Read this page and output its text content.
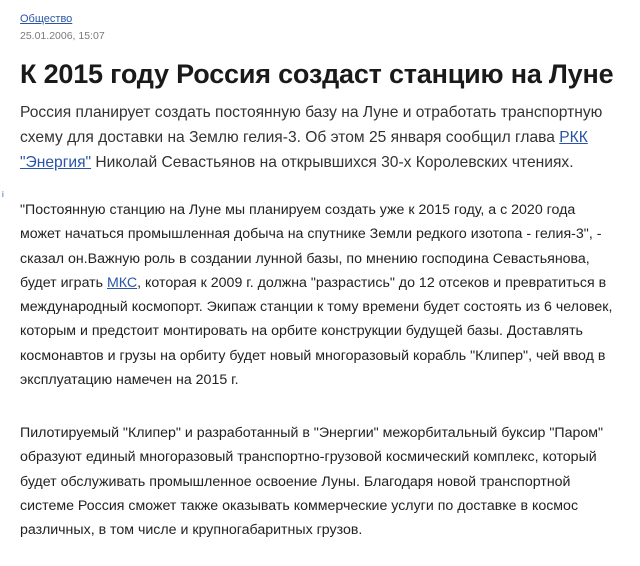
i
Общество
25.01.2006, 15:07
К 2015 году Россия создаст станцию на Луне

Россия планирует создать постоянную базу на Луне и отработать транспортную схему для доставки на Землю гелия-3. Об этом 25 января сообщил глава РКК "Энергия" Николай Севастьянов на открывшихся 30-х Королевских чтениях.

"Постоянную станцию на Луне мы планируем создать уже к 2015 году, а с 2020 года может начаться промышленная добыча на спутнике Земли редкого изотопа - гелия-3", - сказал он.Важную роль в создании лунной базы, по мнению господина Севастьянова, будет играть МКС, которая к 2009 г. должна "разрастись" до 12 отсеков и превратиться в международный космопорт. Экипаж станции к тому времени будет состоять из 6 человек, которым и предстоит монтировать на орбите конструкции будущей базы. Доставлять космонавтов и грузы на орбиту будет новый многоразовый корабль "Клипер", чей ввод в эксплуатацию намечен на 2015 г.

Пилотируемый "Клипер" и разработанный в "Энергии" межорбитальный буксир "Паром" образуют единый многоразовый транспортно-грузовой космический комплекс, который будет обслуживать промышленное освоение Луны. Благодаря новой транспортной системе Россия сможет также оказывать коммерческие услуги по доставке в космос различных, в том числе и крупногабаритных грузов.
